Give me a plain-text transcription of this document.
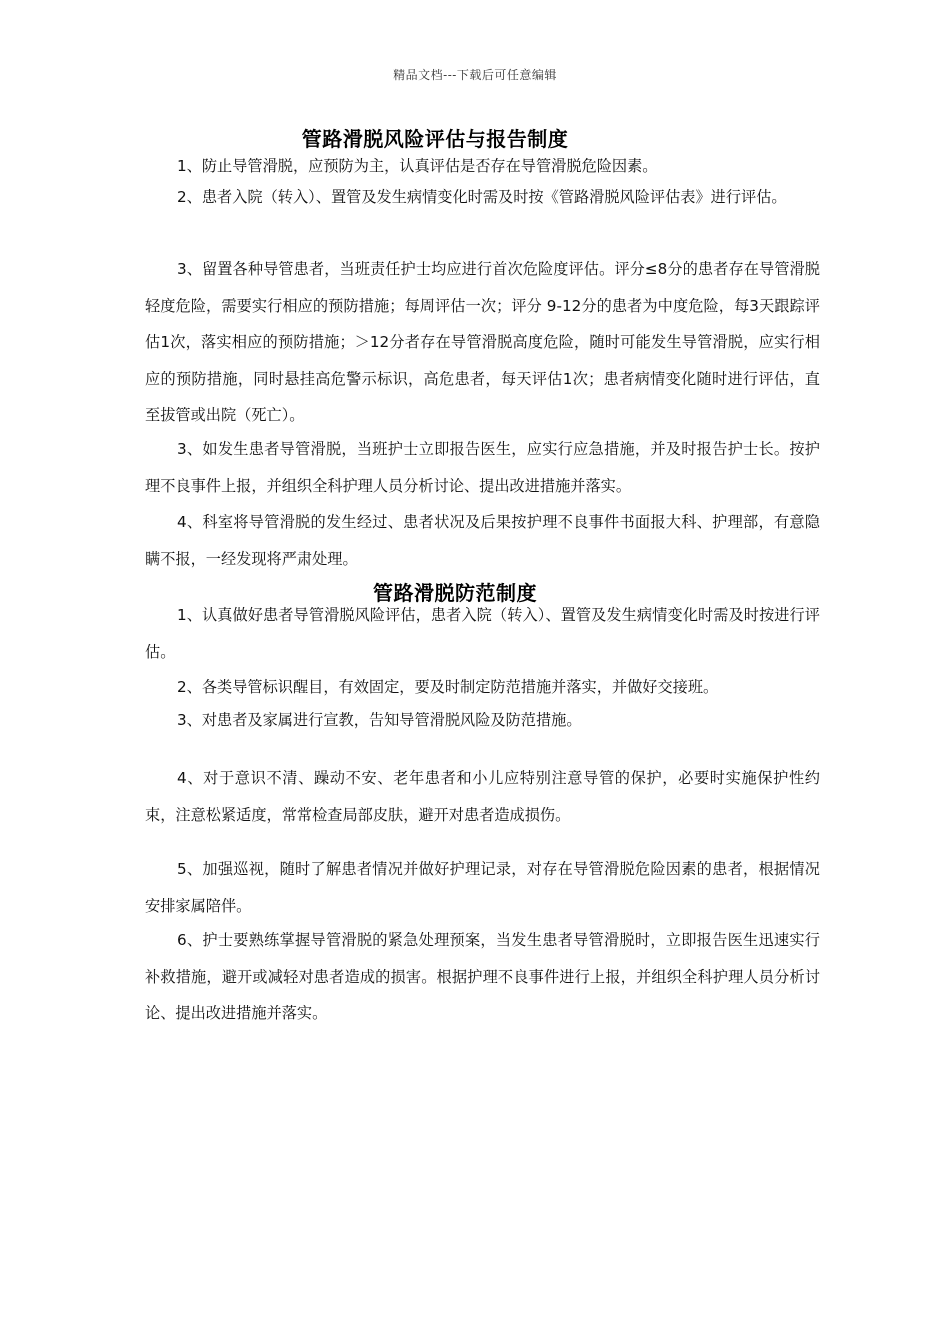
精品文档---下载后可任意编辑
管路滑脱风险评估与报告制度

1、防止导管滑脱，应预防为主，认真评估是否存在导管滑脱危险因素。

2、患者入院（转入）、置管及发生病情变化时需及时按《管路滑脱风险评估表》进行评估。

3、留置各种导管患者，当班责任护士均应进行首次危险度评估。评分≤8分的患者存在导管滑脱轻度危险，需要实行相应的预防措施；每周评估一次；评分 9-12分的患者为中度危险，每3天跟踪评估1次，落实相应的预防措施；＞12分者存在导管滑脱高度危险，随时可能发生导管滑脱，应实行相应的预防措施，同时悬挂高危警示标识，高危患者，每天评估1次；患者病情变化随时进行评估，直至拔管或出院（死亡）。

3、如发生患者导管滑脱，当班护士立即报告医生，应实行应急措施，并及时报告护士长。按护理不良事件上报，并组织全科护理人员分析讨论、提出改进措施并落实。

4、科室将导管滑脱的发生经过、患者状况及后果按护理不良事件书面报大科、护理部，有意隐瞒不报，一经发现将严肃处理。

管路滑脱防范制度

1、认真做好患者导管滑脱风险评估，患者入院（转入）、置管及发生病情变化时需及时按进行评估。

2、各类导管标识醒目，有效固定，要及时制定防范措施并落实，并做好交接班。

3、对患者及家属进行宣教，告知导管滑脱风险及防范措施。

4、对于意识不清、躁动不安、老年患者和小儿应特别注意导管的保护，必要时实施保护性约束，注意松紧适度，常常检查局部皮肤，避开对患者造成损伤。

5、加强巡视，随时了解患者情况并做好护理记录，对存在导管滑脱危险因素的患者，根据情况安排家属陪伴。

6、护士要熟练掌握导管滑脱的紧急处理预案，当发生患者导管滑脱时，立即报告医生迅速实行补救措施，避开或减轻对患者造成的损害。根据护理不良事件进行上报，并组织全科护理人员分析讨论、提出改进措施并落实。
